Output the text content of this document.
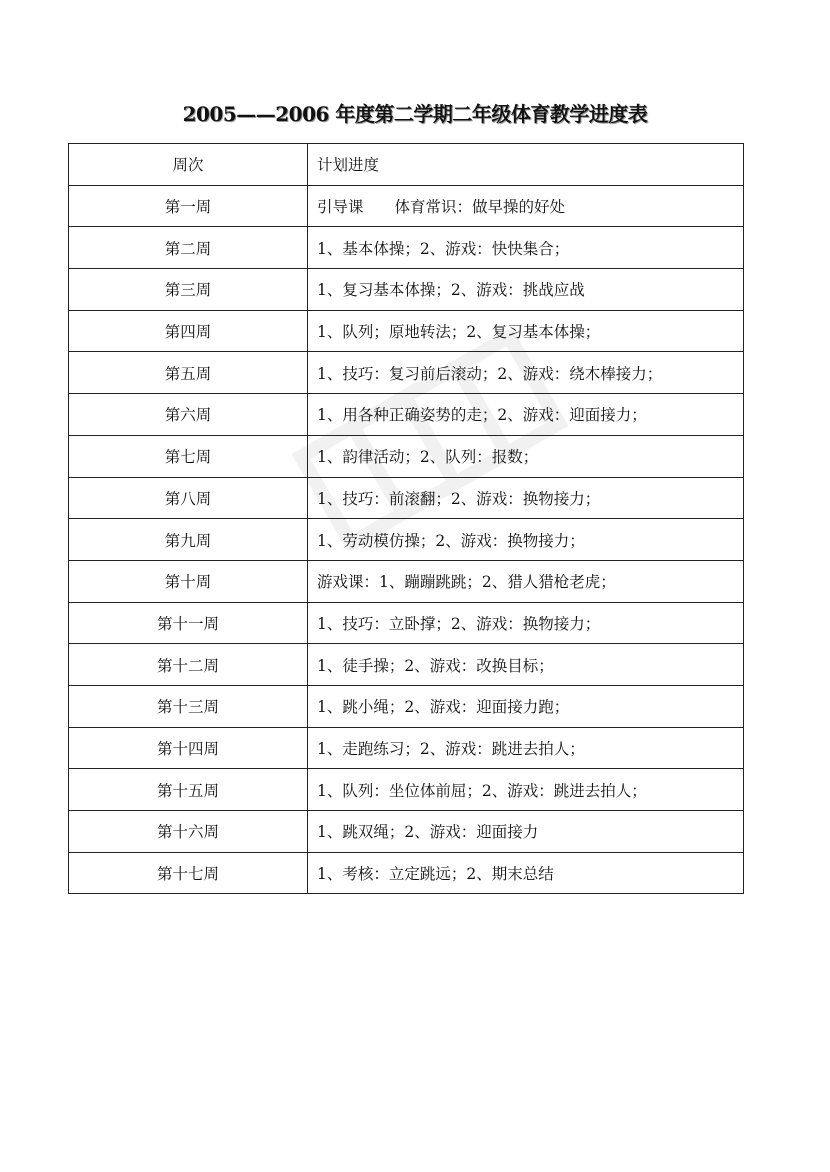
2005——2006 年度第二学期二年级体育教学进度表
周次	计划进度
第一周	引导课　　体育常识：做早操的好处
第二周	1、基本体操；2、游戏：快快集合；
第三周	1、复习基本体操；2、游戏：挑战应战
第四周	1、队列；原地转法；2、复习基本体操；
第五周	1、技巧：复习前后滚动；2、游戏：绕木棒接力；
第六周	1、用各种正确姿势的走；2、游戏：迎面接力；
第七周	1、韵律活动；2、队列：报数；
第八周	1、技巧：前滚翻；2、游戏：换物接力；
第九周	1、劳动模仿操；2、游戏：换物接力；
第十周	游戏课：1、蹦蹦跳跳；2、猎人猎枪老虎；
第十一周	1、技巧：立卧撑；2、游戏：换物接力；
第十二周	1、徒手操；2、游戏：改换目标；
第十三周	1、跳小绳；2、游戏：迎面接力跑；
第十四周	1、走跑练习；2、游戏：跳进去拍人；
第十五周	1、队列：坐位体前屈；2、游戏：跳进去拍人；
第十六周	1、跳双绳；2、游戏：迎面接力
第十七周	1、考核：立定跳远；2、期末总结
